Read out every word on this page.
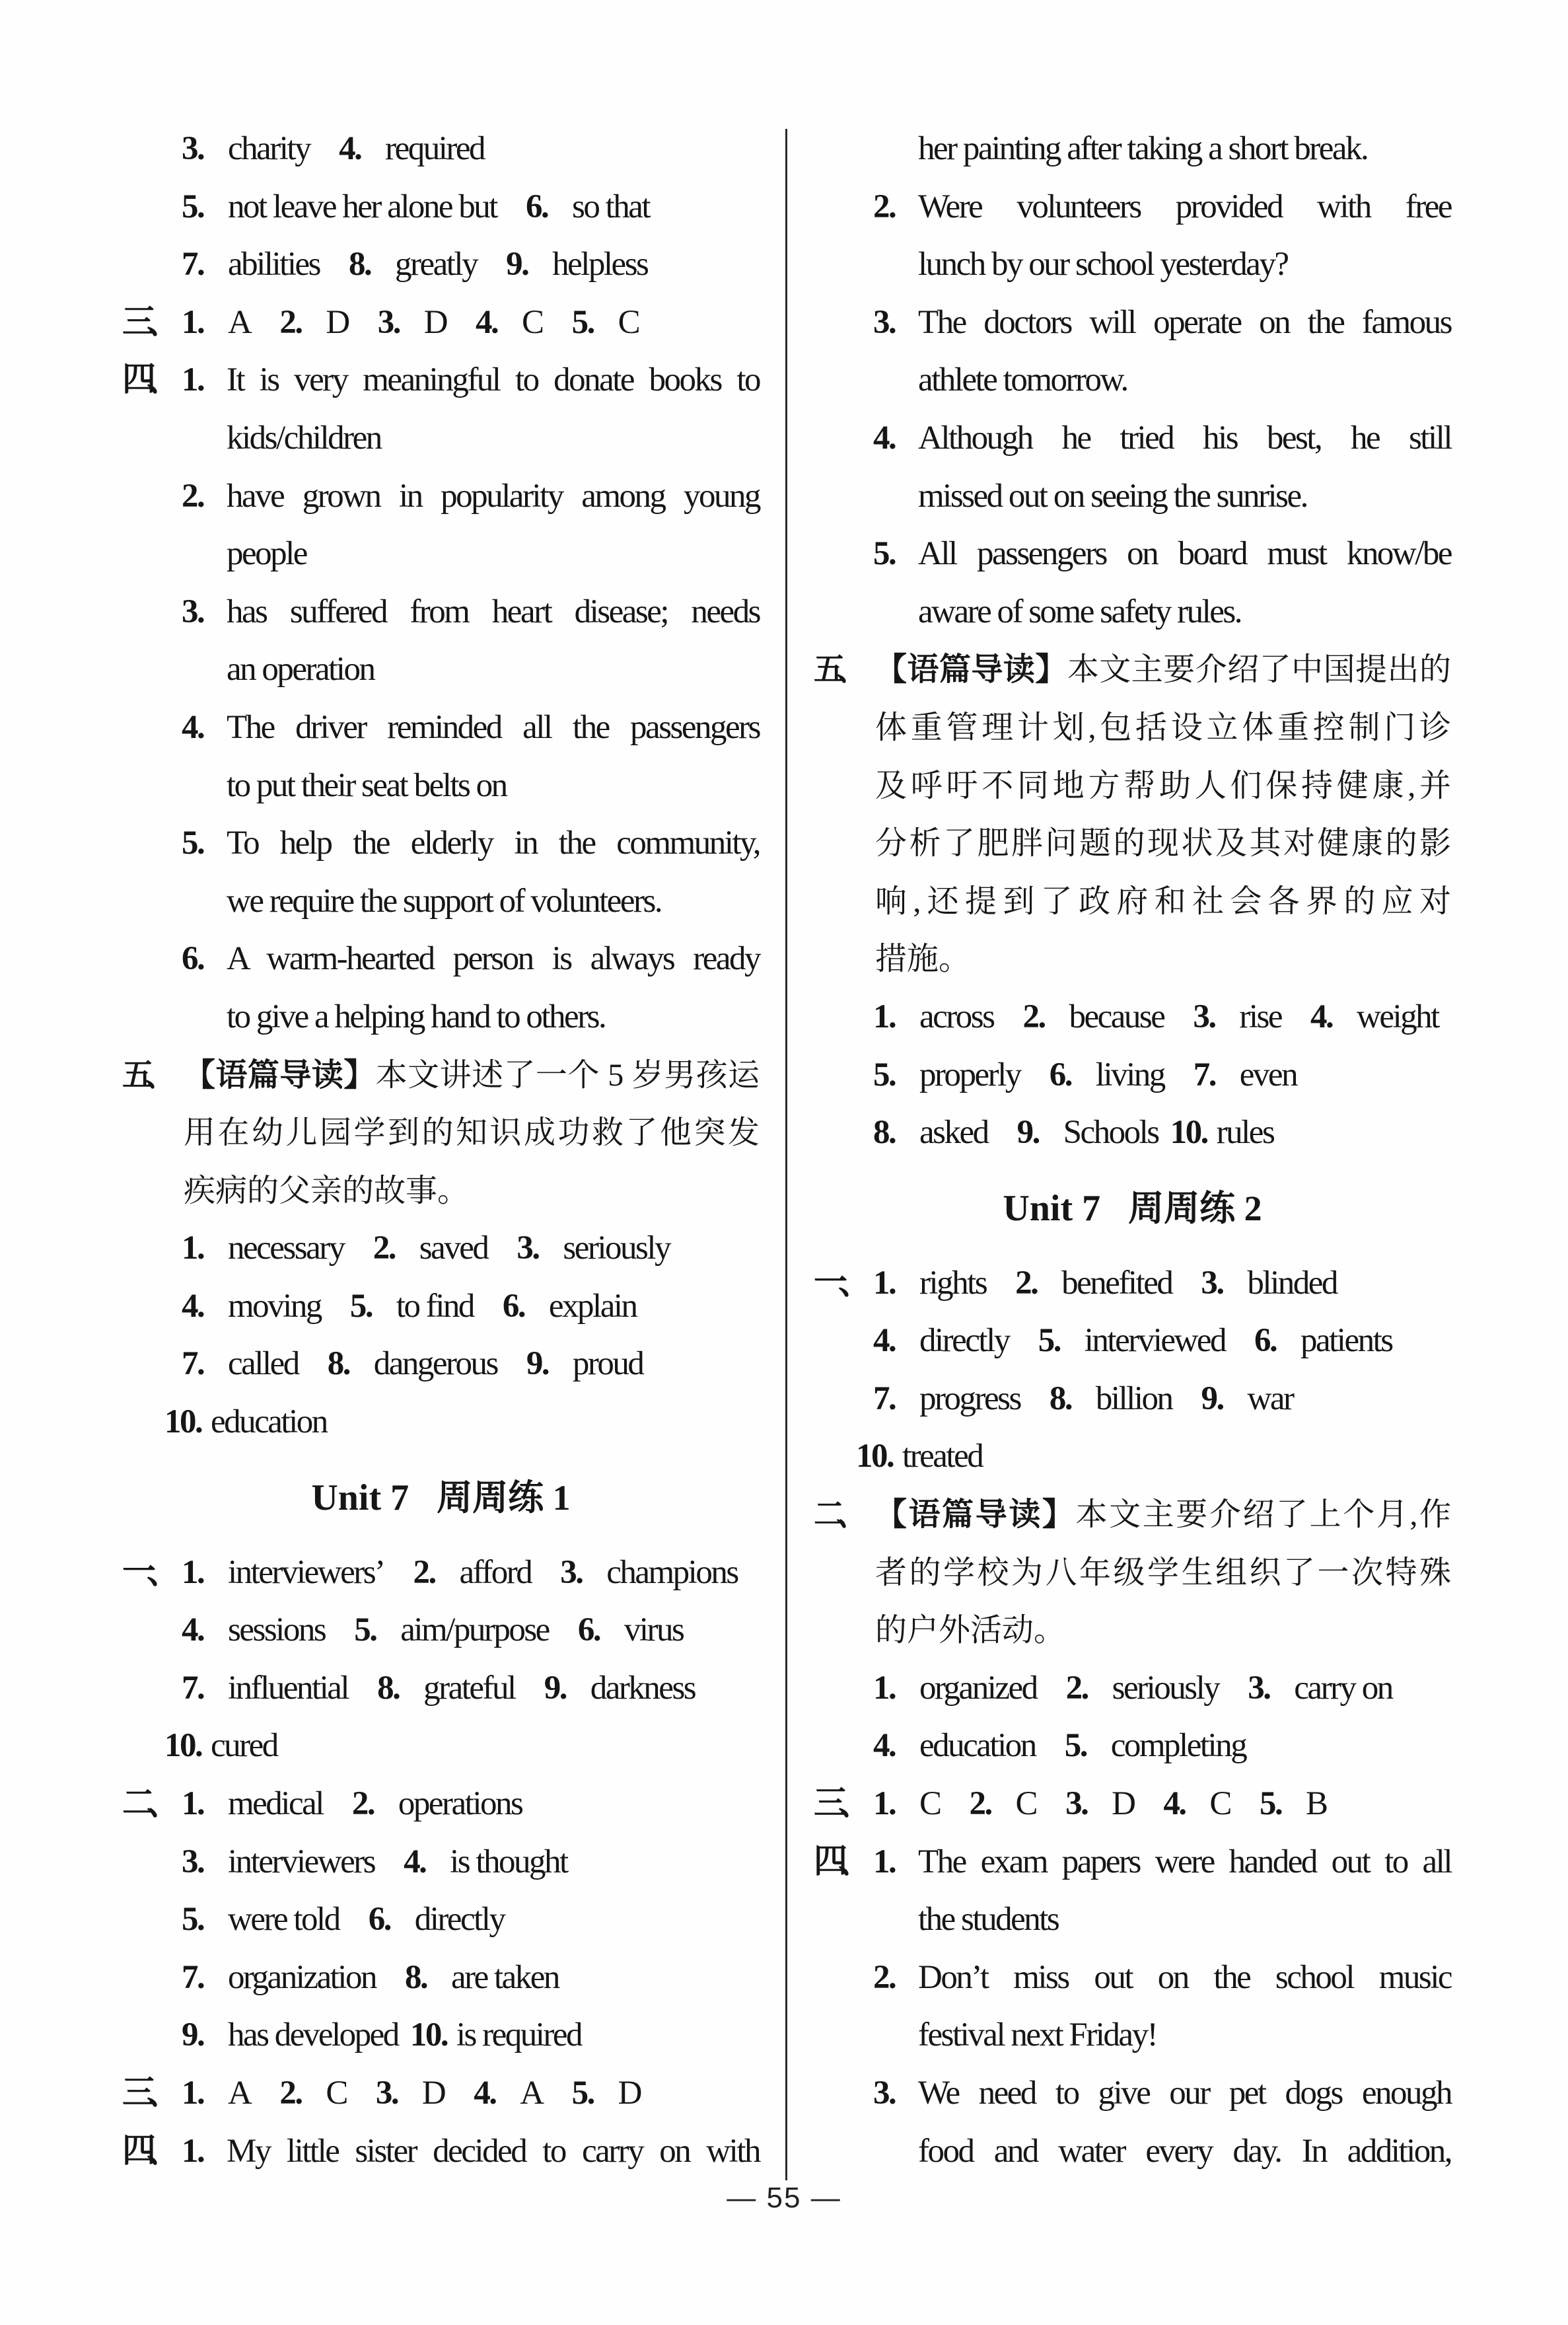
3. charity 4. required
5. not leave her alone but 6. so that
7. abilities 8. greatly 9. helpless
三、 1. A 2. D 3. D 4. C 5. C
四、 1. It is very meaningful to donate books to
kids/children
2. have grown in popularity among young
people
3. has suffered from heart disease; needs
an operation
4. The driver reminded all the passengers
to put their seat belts on
5. To help the elderly in the community,
we require the support of volunteers.
6. A warm-hearted person is always ready
to give a helping hand to others.
五、 【语篇导读】本文讲述了一个 5 岁男孩运
用在幼儿园学到的知识成功救了他突发
疾病的父亲的故事。
1. necessary 2. saved 3. seriously
4. moving 5. to find 6. explain
7. called 8. dangerous 9. proud
10. education
Unit 7 周周练 1
一、 1. interviewers’ 2. afford 3. champions
4. sessions 5. aim/purpose 6. virus
7. influential 8. grateful 9. darkness
10. cured
二、 1. medical 2. operations
3. interviewers 4. is thought
5. were told 6. directly
7. organization 8. are taken
9. has developed 10. is required
三、 1. A 2. C 3. D 4. A 5. D
四、 1. My little sister decided to carry on with
her painting after taking a short break.
2. Were volunteers provided with free
lunch by our school yesterday?
3. The doctors will operate on the famous
athlete tomorrow.
4. Although he tried his best, he still
missed out on seeing the sunrise.
5. All passengers on board must know/be
aware of some safety rules.
五、 【语篇导读】本文主要介绍了中国提出的
体重管理计划,包括设立体重控制门诊
及呼吁不同地方帮助人们保持健康,并
分析了肥胖问题的现状及其对健康的影
响,还提到了政府和社会各界的应对
措施。
1. across 2. because 3. rise 4. weight
5. properly 6. living 7. even
8. asked 9. Schools 10. rules
Unit 7 周周练 2
一、 1. rights 2. benefited 3. blinded
4. directly 5. interviewed 6. patients
7. progress 8. billion 9. war
10. treated
二、 【语篇导读】本文主要介绍了上个月,作
者的学校为八年级学生组织了一次特殊
的户外活动。
1. organized 2. seriously 3. carry on
4. education 5. completing
三、 1. C 2. C 3. D 4. C 5. B
四、 1. The exam papers were handed out to all
the students
2. Don’t miss out on the school music
festival next Friday!
3. We need to give our pet dogs enough
food and water every day. In addition,
— 55 —
